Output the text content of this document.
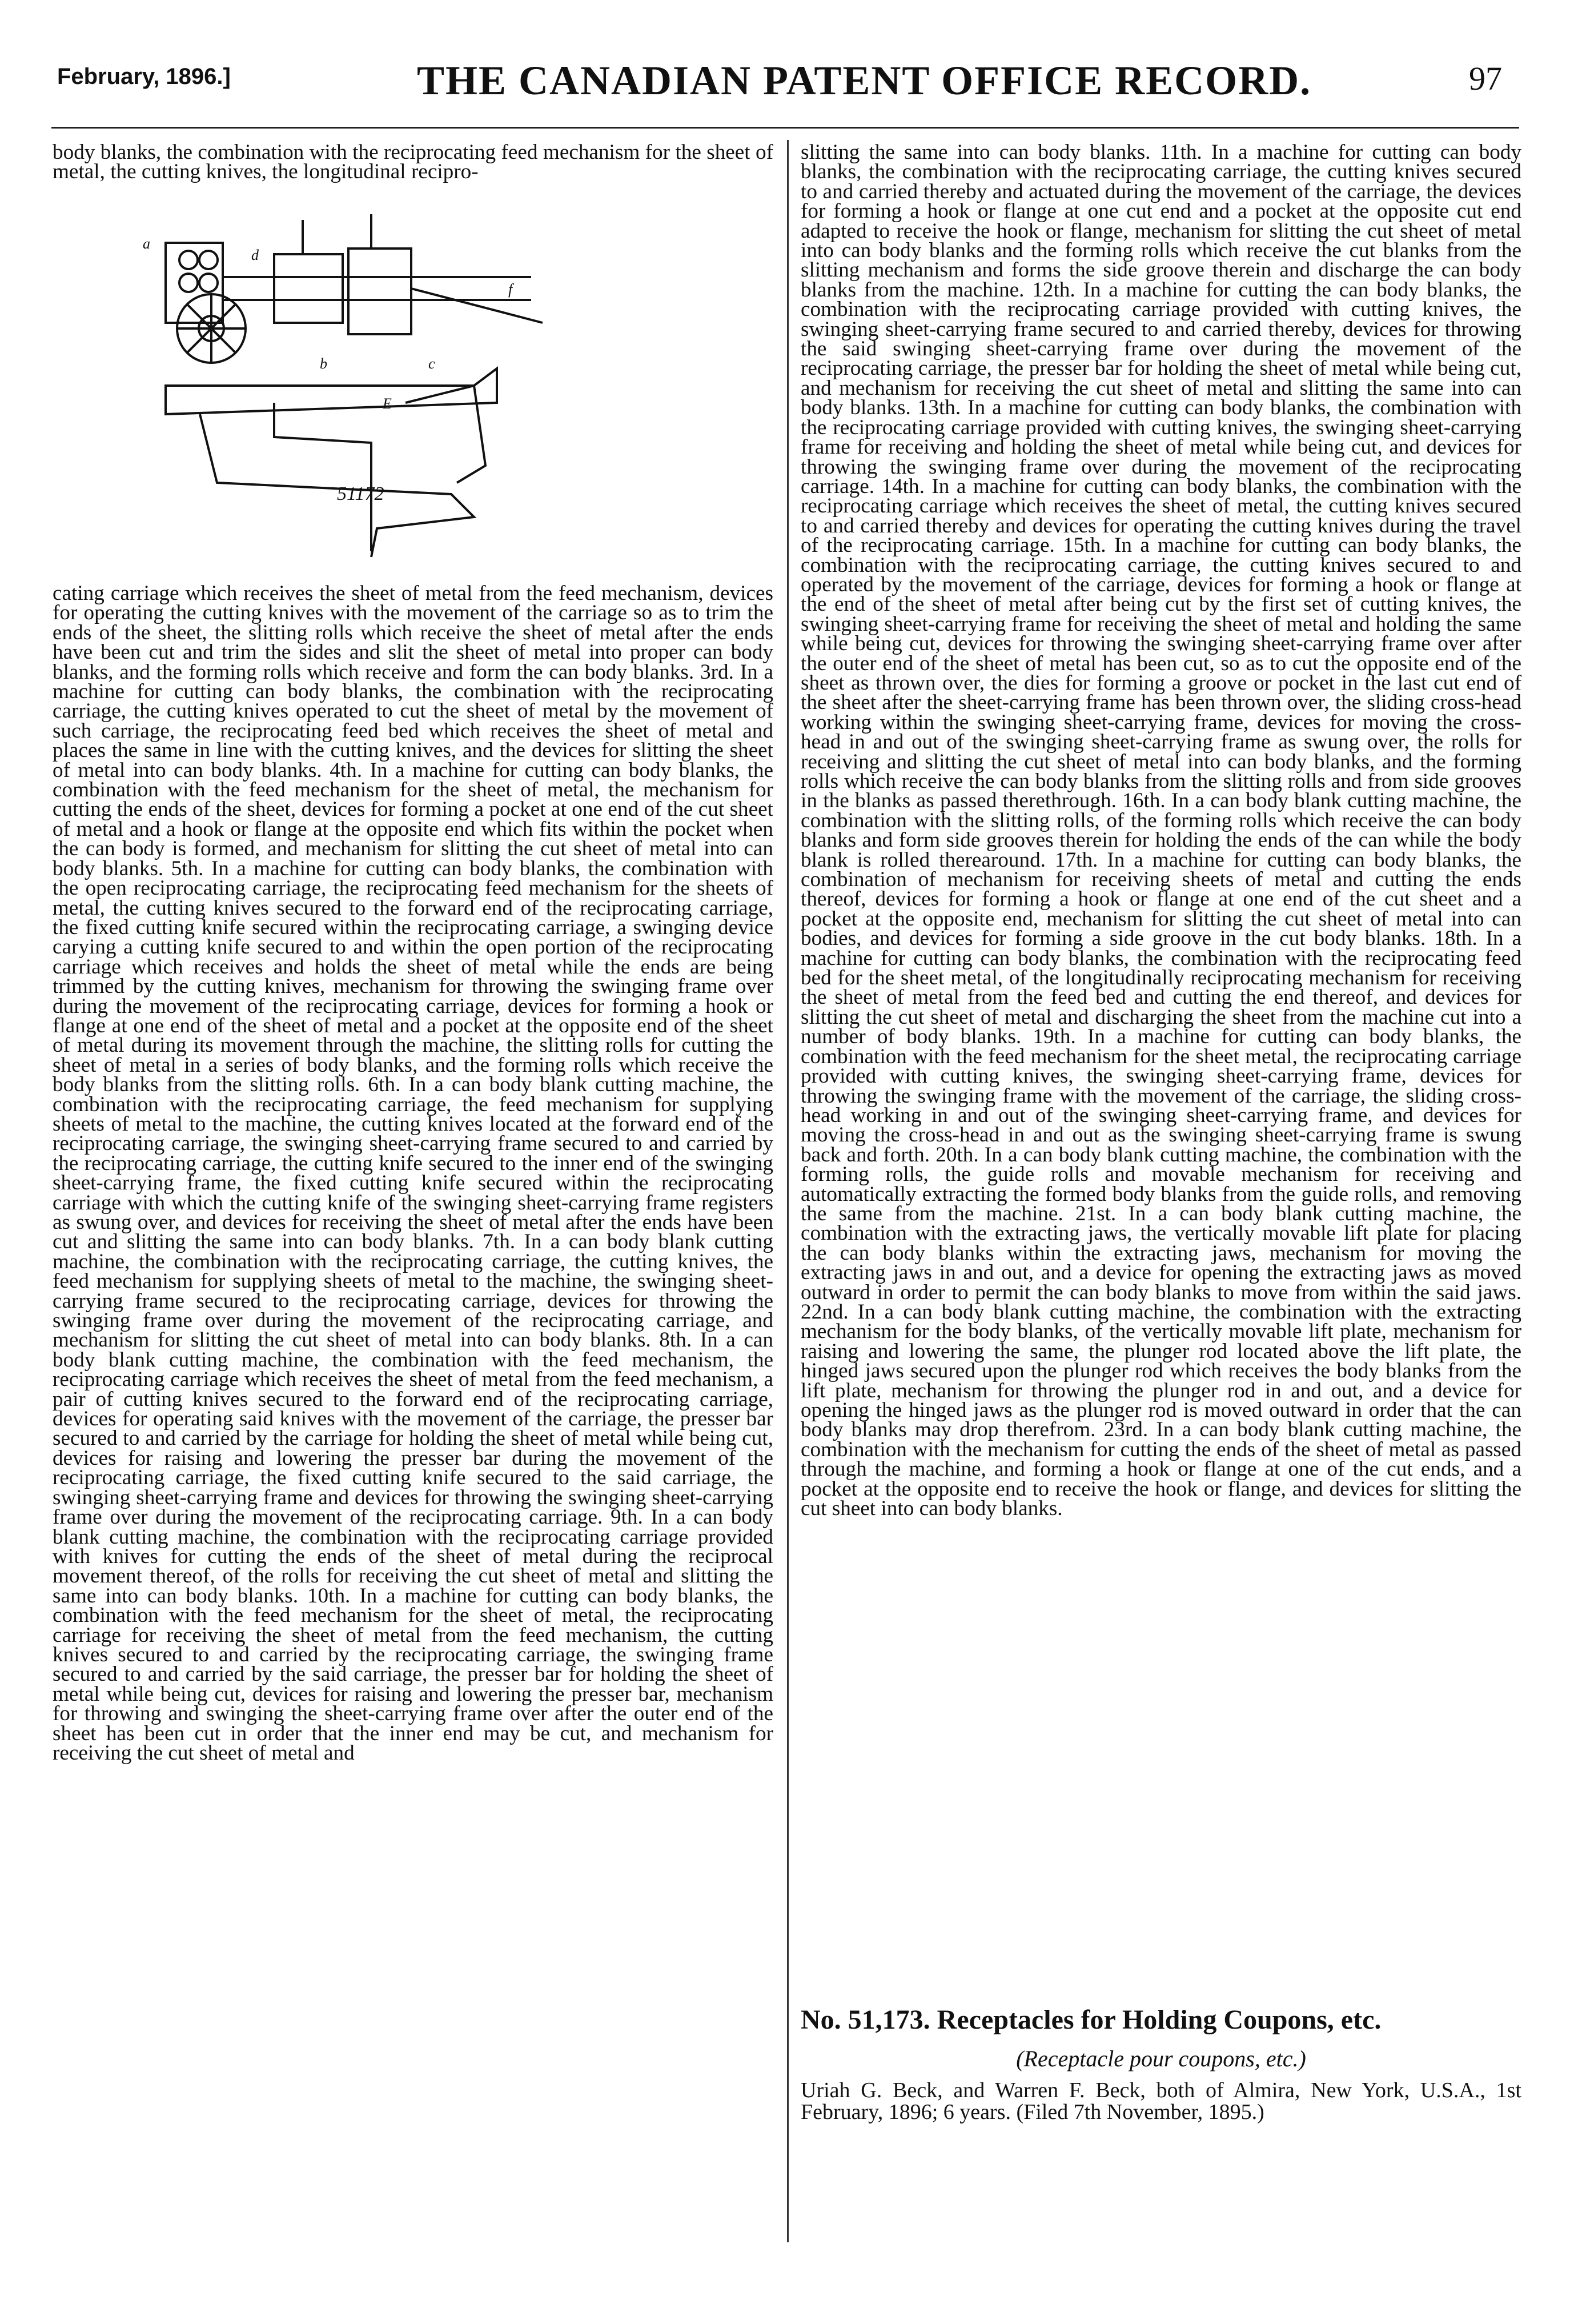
February, 1896.]	THE CANADIAN PATENT OFFICE RECORD.	97
body blanks, the combination with the reciprocating feed mechanism for the sheet of metal, the cutting knives, the longitudinal recipro-
a
d
b	c
E
f
51172
cating carriage which receives the sheet of metal from the feed mechanism, devices for operating the cutting knives with the movement of the carriage so as to trim the ends of the sheet, the slitting rolls which receive the sheet of metal after the ends have been cut and trim the sides and slit the sheet of metal into proper can body blanks, and the forming rolls which receive and form the can body blanks. 3rd. In a machine for cutting can body blanks, the combination with the reciprocating carriage, the cutting knives operated to cut the sheet of metal by the movement of such carriage, the reciprocating feed bed which receives the sheet of metal and places the same in line with the cutting knives, and the devices for slitting the sheet of metal into can body blanks. 4th. In a machine for cutting can body blanks, the combination with the feed mechanism for the sheet of metal, the mechanism for cutting the ends of the sheet, devices for forming a pocket at one end of the cut sheet of metal and a hook or flange at the opposite end which fits within the pocket when the can body is formed, and mechanism for slitting the cut sheet of metal into can body blanks. 5th. In a machine for cutting can body blanks, the combination with the open reciprocating carriage, the reciprocating feed mechanism for the sheets of metal, the cutting knives secured to the forward end of the reciprocating carriage, the fixed cutting knife secured within the reciprocating carriage, a swinging device carying a cutting knife secured to and within the open portion of the reciprocating carriage which receives and holds the sheet of metal while the ends are being trimmed by the cutting knives, mechanism for throwing the swinging frame over during the movement of the reciprocating carriage, devices for forming a hook or flange at one end of the sheet of metal and a pocket at the opposite end of the sheet of metal during its movement through the machine, the slitting rolls for cutting the sheet of metal in a series of body blanks, and the forming rolls which receive the body blanks from the slitting rolls. 6th. In a can body blank cutting machine, the combination with the reciprocating carriage, the feed mechanism for supplying sheets of metal to the machine, the cutting knives located at the forward end of the reciprocating carriage, the swinging sheet-carrying frame secured to and carried by the reciprocating carriage, the cutting knife secured to the inner end of the swinging sheet-carrying frame, the fixed cutting knife secured within the reciprocating carriage with which the cutting knife of the swinging sheet-carrying frame registers as swung over, and devices for receiving the sheet of metal after the ends have been cut and slitting the same into can body blanks. 7th. In a can body blank cutting machine, the combination with the reciprocating carriage, the cutting knives, the feed mechanism for supplying sheets of metal to the machine, the swinging sheet-carrying frame secured to the reciprocating carriage, devices for throwing the swinging frame over during the movement of the reciprocating carriage, and mechanism for slitting the cut sheet of metal into can body blanks. 8th. In a can body blank cutting machine, the combination with the feed mechanism, the reciprocating carriage which receives the sheet of metal from the feed mechanism, a pair of cutting knives secured to the forward end of the reciprocating carriage, devices for operating said knives with the movement of the carriage, the presser bar secured to and carried by the carriage for holding the sheet of metal while being cut, devices for raising and lowering the presser bar during the movement of the reciprocating carriage, the fixed cutting knife secured to the said carriage, the swinging sheet-carrying frame and devices for throwing the swinging sheet-carrying frame over during the movement of the reciprocating carriage. 9th. In a can body blank cutting machine, the combination with the reciprocating carriage provided with knives for cutting the ends of the sheet of metal during the reciprocal movement thereof, of the rolls for receiving the cut sheet of metal and slitting the same into can body blanks. 10th. In a machine for cutting can body blanks, the combination with the feed mechanism for the sheet of metal, the reciprocating carriage for receiving the sheet of metal from the feed mechanism, the cutting knives secured to and carried by the reciprocating carriage, the swinging frame secured to and carried by the said carriage, the presser bar for holding the sheet of metal while being cut, devices for raising and lowering the presser bar, mechanism for throwing and swinging the sheet-carrying frame over after the outer end of the sheet has been cut in order that the inner end may be cut, and mechanism for receiving the cut sheet of metal and
slitting the same into can body blanks. 11th. In a machine for cutting can body blanks, the combination with the reciprocating carriage, the cutting knives secured to and carried thereby and actuated during the movement of the carriage, the devices for forming a hook or flange at one cut end and a pocket at the opposite cut end adapted to receive the hook or flange, mechanism for slitting the cut sheet of metal into can body blanks and the forming rolls which receive the cut blanks from the slitting mechanism and forms the side groove therein and discharge the can body blanks from the machine. 12th. In a machine for cutting the can body blanks, the combination with the reciprocating carriage provided with cutting knives, the swinging sheet-carrying frame secured to and carried thereby, devices for throwing the said swinging sheet-carrying frame over during the movement of the reciprocating carriage, the presser bar for holding the sheet of metal while being cut, and mechanism for receiving the cut sheet of metal and slitting the same into can body blanks. 13th. In a machine for cutting can body blanks, the combination with the reciprocating carriage provided with cutting knives, the swinging sheet-carrying frame for receiving and holding the sheet of metal while being cut, and devices for throwing the swinging frame over during the movement of the reciprocating carriage. 14th. In a machine for cutting can body blanks, the combination with the reciprocating carriage which receives the sheet of metal, the cutting knives secured to and carried thereby and devices for operating the cutting knives during the travel of the reciprocating carriage. 15th. In a machine for cutting can body blanks, the combination with the reciprocating carriage, the cutting knives secured to and operated by the movement of the carriage, devices for forming a hook or flange at the end of the sheet of metal after being cut by the first set of cutting knives, the swinging sheet-carrying frame for receiving the sheet of metal and holding the same while being cut, devices for throwing the swinging sheet-carrying frame over after the outer end of the sheet of metal has been cut, so as to cut the opposite end of the sheet as thrown over, the dies for forming a groove or pocket in the last cut end of the sheet after the sheet-carrying frame has been thrown over, the sliding cross-head working within the swinging sheet-carrying frame, devices for moving the cross-head in and out of the swinging sheet-carrying frame as swung over, the rolls for receiving and slitting the cut sheet of metal into can body blanks, and the forming rolls which receive the can body blanks from the slitting rolls and from side grooves in the blanks as passed therethrough. 16th. In a can body blank cutting machine, the combination with the slitting rolls, of the forming rolls which receive the can body blanks and form side grooves therein for holding the ends of the can while the body blank is rolled therearound. 17th. In a machine for cutting can body blanks, the combination of mechanism for receiving sheets of metal and cutting the ends thereof, devices for forming a hook or flange at one end of the cut sheet and a pocket at the opposite end, mechanism for slitting the cut sheet of metal into can bodies, and devices for forming a side groove in the cut body blanks. 18th. In a machine for cutting can body blanks, the combination with the reciprocating feed bed for the sheet metal, of the longitudinally reciprocating mechanism for receiving the sheet of metal from the feed bed and cutting the end thereof, and devices for slitting the cut sheet of metal and discharging the sheet from the machine cut into a number of body blanks. 19th. In a machine for cutting can body blanks, the combination with the feed mechanism for the sheet metal, the reciprocating carriage provided with cutting knives, the swinging sheet-carrying frame, devices for throwing the swinging frame with the movement of the carriage, the sliding cross-head working in and out of the swinging sheet-carrying frame, and devices for moving the cross-head in and out as the swinging sheet-carrying frame is swung back and forth. 20th. In a can body blank cutting machine, the combination with the forming rolls, the guide rolls and movable mechanism for receiving and automatically extracting the formed body blanks from the guide rolls, and removing the same from the machine. 21st. In a can body blank cutting machine, the combination with the extracting jaws, the vertically movable lift plate for placing the can body blanks within the extracting jaws, mechanism for moving the extracting jaws in and out, and a device for opening the extracting jaws as moved outward in order to permit the can body blanks to move from within the said jaws. 22nd. In a can body blank cutting machine, the combination with the extracting mechanism for the body blanks, of the vertically movable lift plate, mechanism for raising and lowering the same, the plunger rod located above the lift plate, the hinged jaws secured upon the plunger rod which receives the body blanks from the lift plate, mechanism for throwing the plunger rod in and out, and a device for opening the hinged jaws as the plunger rod is moved outward in order that the can body blanks may drop therefrom. 23rd. In a can body blank cutting machine, the combination with the mechanism for cutting the ends of the sheet of metal as passed through the machine, and forming a hook or flange at one of the cut ends, and a pocket at the opposite end to receive the hook or flange, and devices for slitting the cut sheet into can body blanks.
No. 51,173. Receptacles for Holding Coupons, etc.
(Receptacle pour coupons, etc.)
Uriah G. Beck, and Warren F. Beck, both of Almira, New York, U.S.A., 1st February, 1896; 6 years. (Filed 7th November, 1895.)
